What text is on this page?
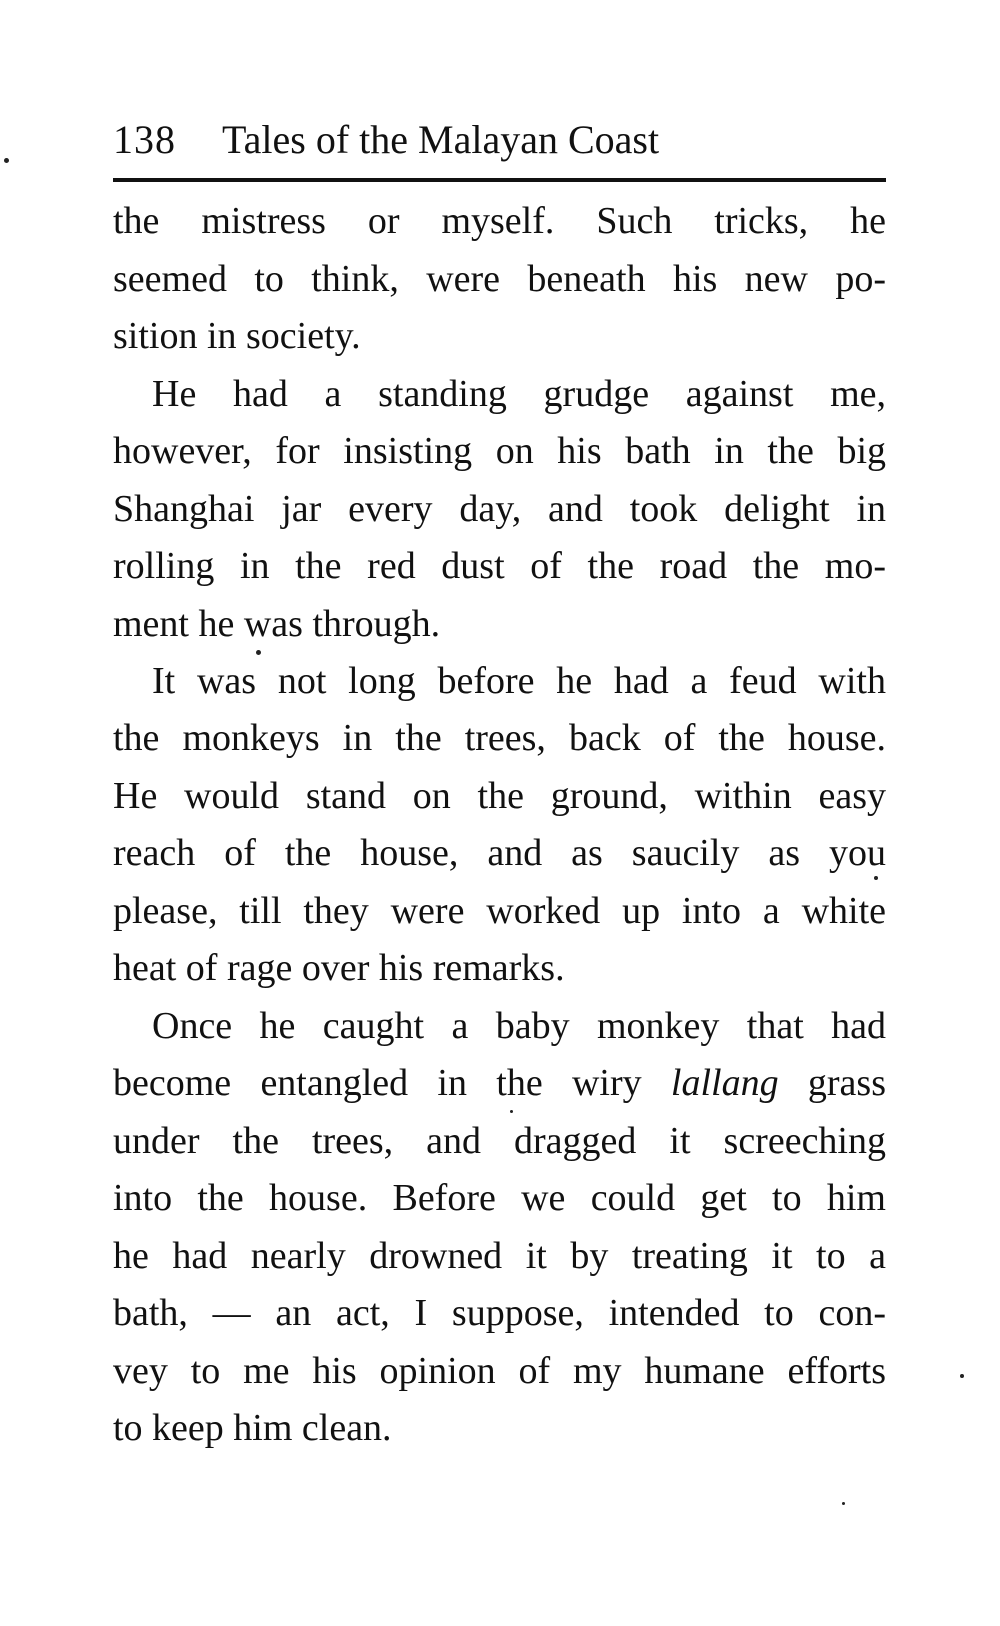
138 Tales of the Malayan Coast
the mistress or myself. Such tricks, he
seemed to think, were beneath his new po-
sition in society.
He had a standing grudge against me,
however, for insisting on his bath in the big
Shanghai jar every day, and took delight in
rolling in the red dust of the road the mo-
ment he was through.
It was not long before he had a feud with
the monkeys in the trees, back of the house.
He would stand on the ground, within easy
reach of the house, and as saucily as you
please, till they were worked up into a white
heat of rage over his remarks.
Once he caught a baby monkey that had
become entangled in the wiry lallang grass
under the trees, and dragged it screeching
into the house. Before we could get to him
he had nearly drowned it by treating it to a
bath, — an act, I suppose, intended to con-
vey to me his opinion of my humane efforts
to keep him clean.
